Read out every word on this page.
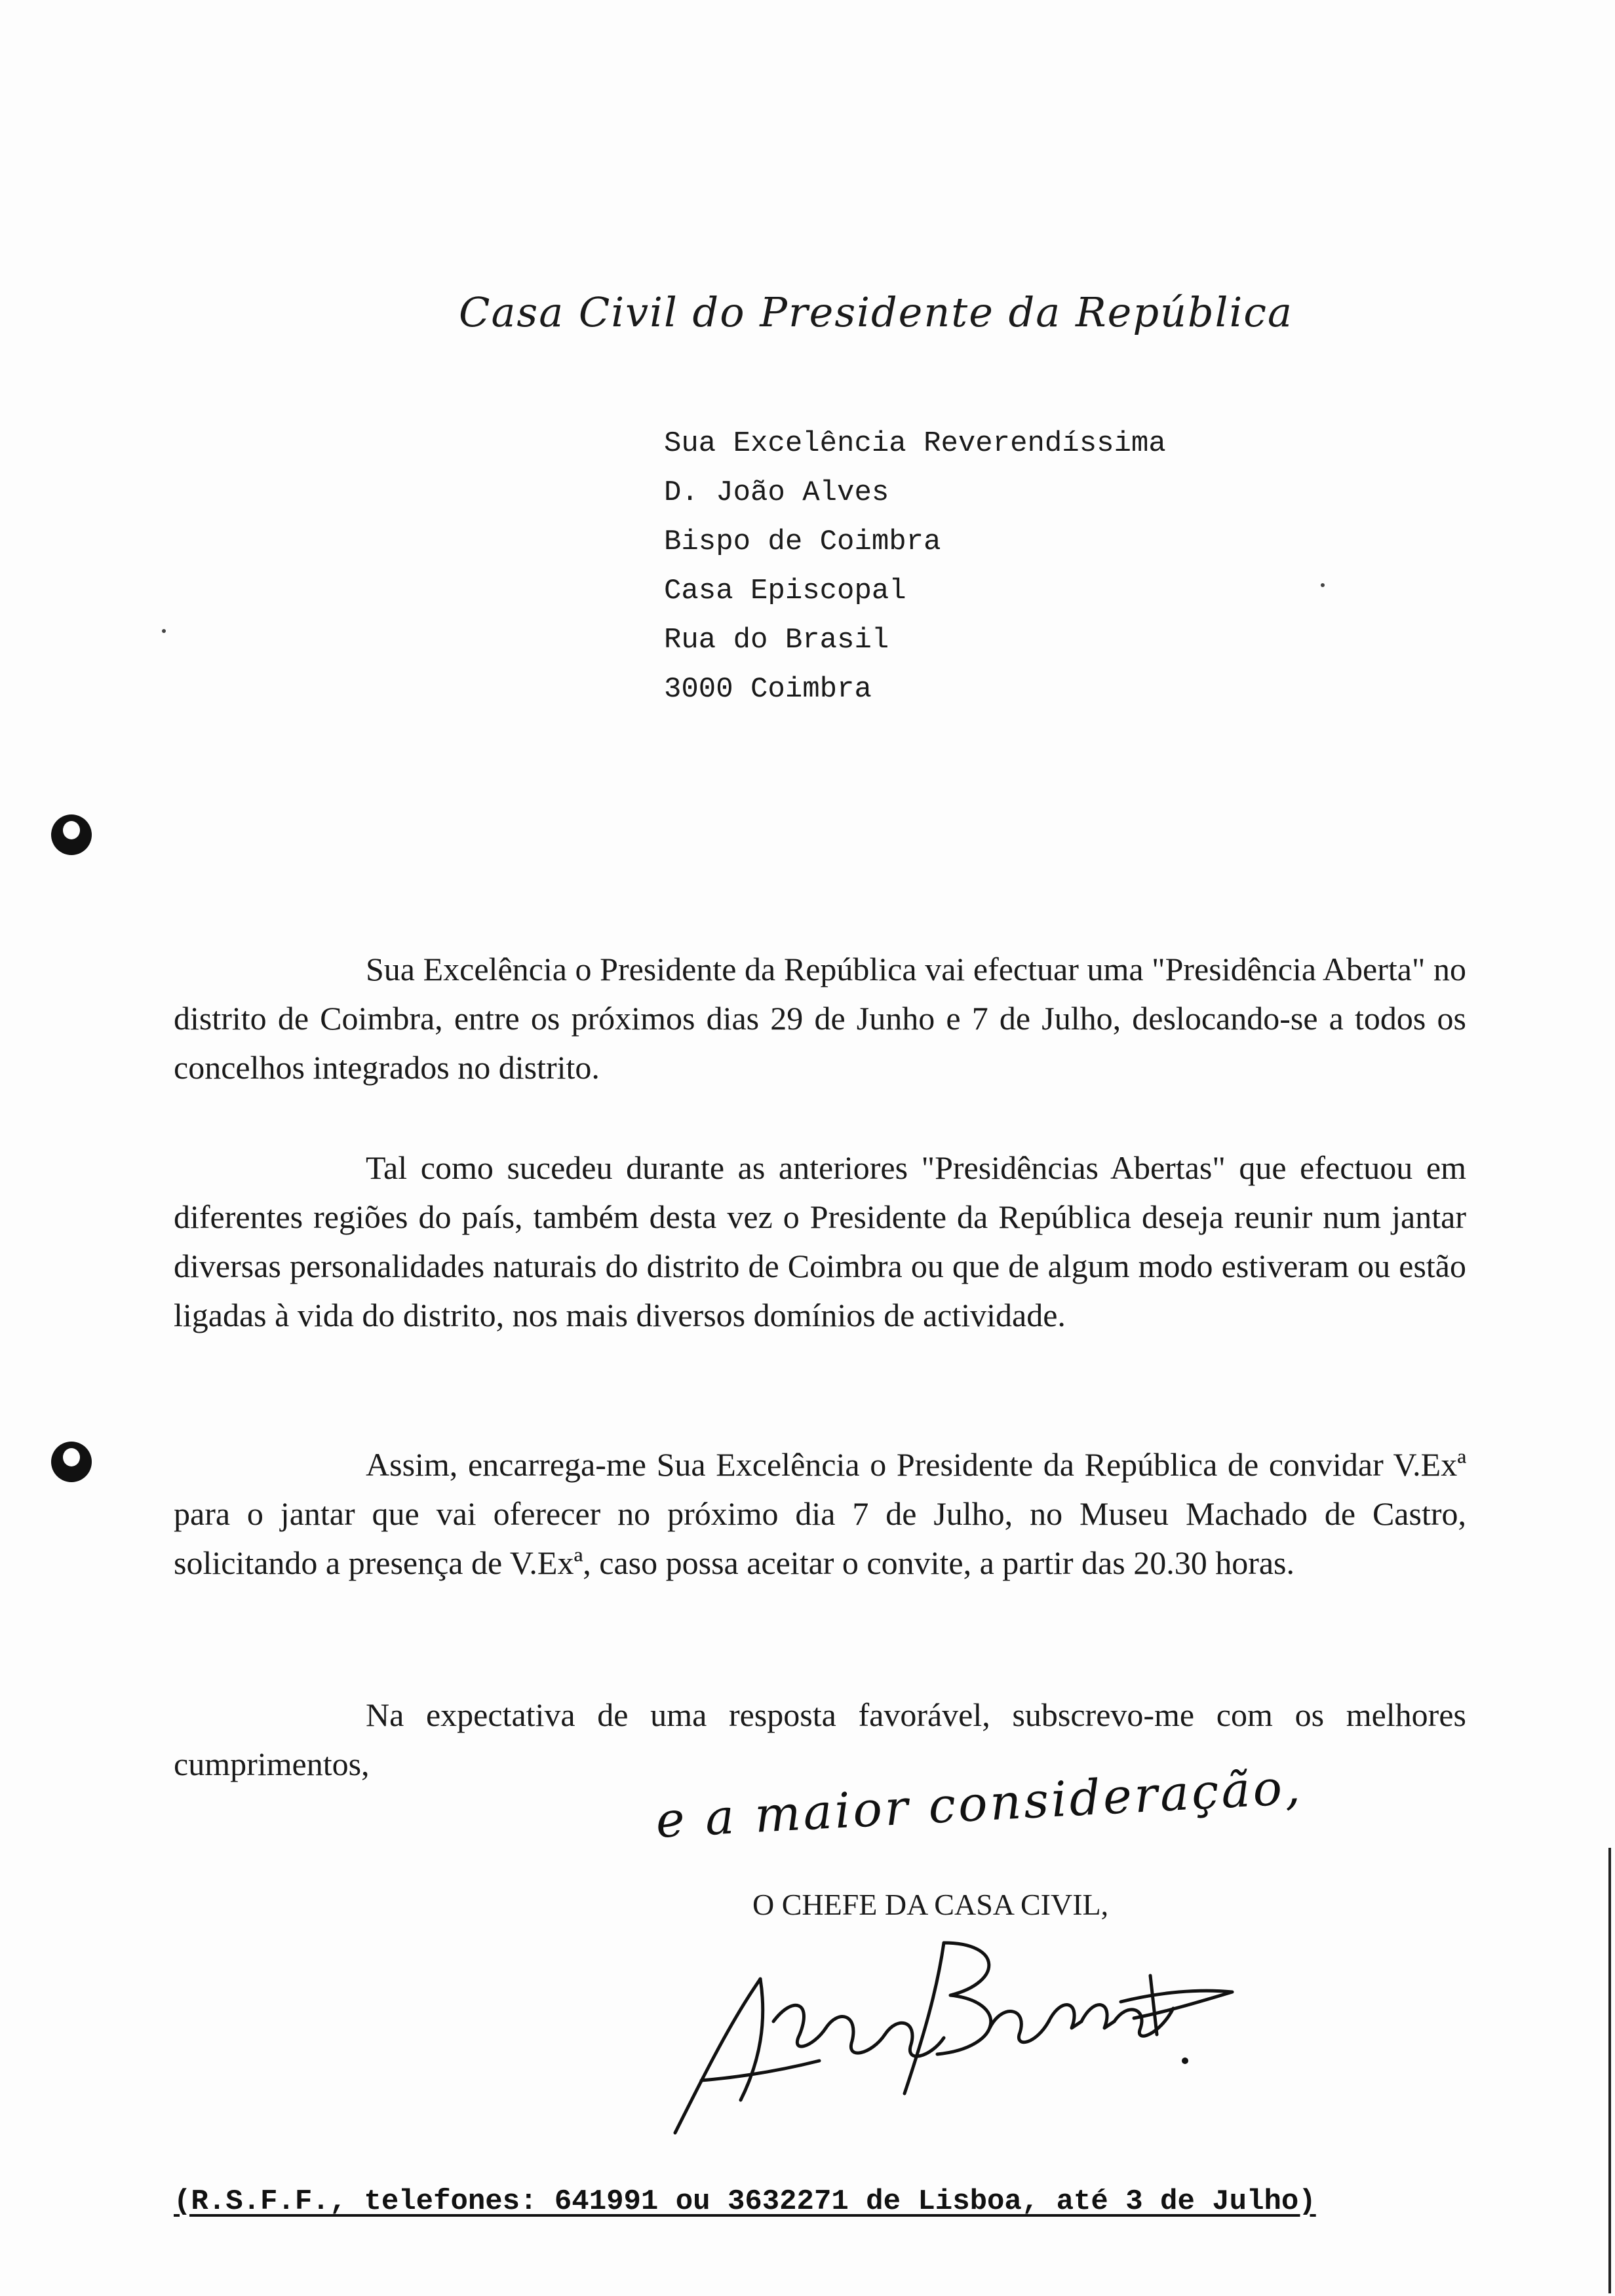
Casa Civil do Presidente da República
Sua Excelência Reverendíssima
D. João Alves
Bispo de Coimbra
Casa Episcopal
Rua do Brasil
3000 Coimbra

Sua Excelência o Presidente da República vai efectuar uma "Presidência Aberta" no distrito de Coimbra, entre os próximos dias 29 de Junho e 7 de Julho, deslocando-se a todos os concelhos integrados no distrito.

Tal como sucedeu durante as anteriores "Presidências Abertas" que efectuou em diferentes regiões do país, também desta vez o Presidente da República deseja reunir num jantar diversas personalidades naturais do distrito de Coimbra ou que de algum modo estiveram ou estão ligadas à vida do distrito, nos mais diversos domínios de actividade.

Assim, encarrega-me Sua Excelência o Presidente da República de convidar V.Exª para o jantar que vai oferecer no próximo dia 7 de Julho, no Museu Machado de Castro, solicitando a presença de V.Exª, caso possa aceitar o convite, a partir das 20.30 horas.

Na expectativa de uma resposta favorável, subscrevo-me com os melhores cumprimentos,	e a maior consideração,
O CHEFE DA CASA CIVIL,
(R.S.F.F., telefones: 641991 ou 3632271 de Lisboa, até 3 de Julho)
